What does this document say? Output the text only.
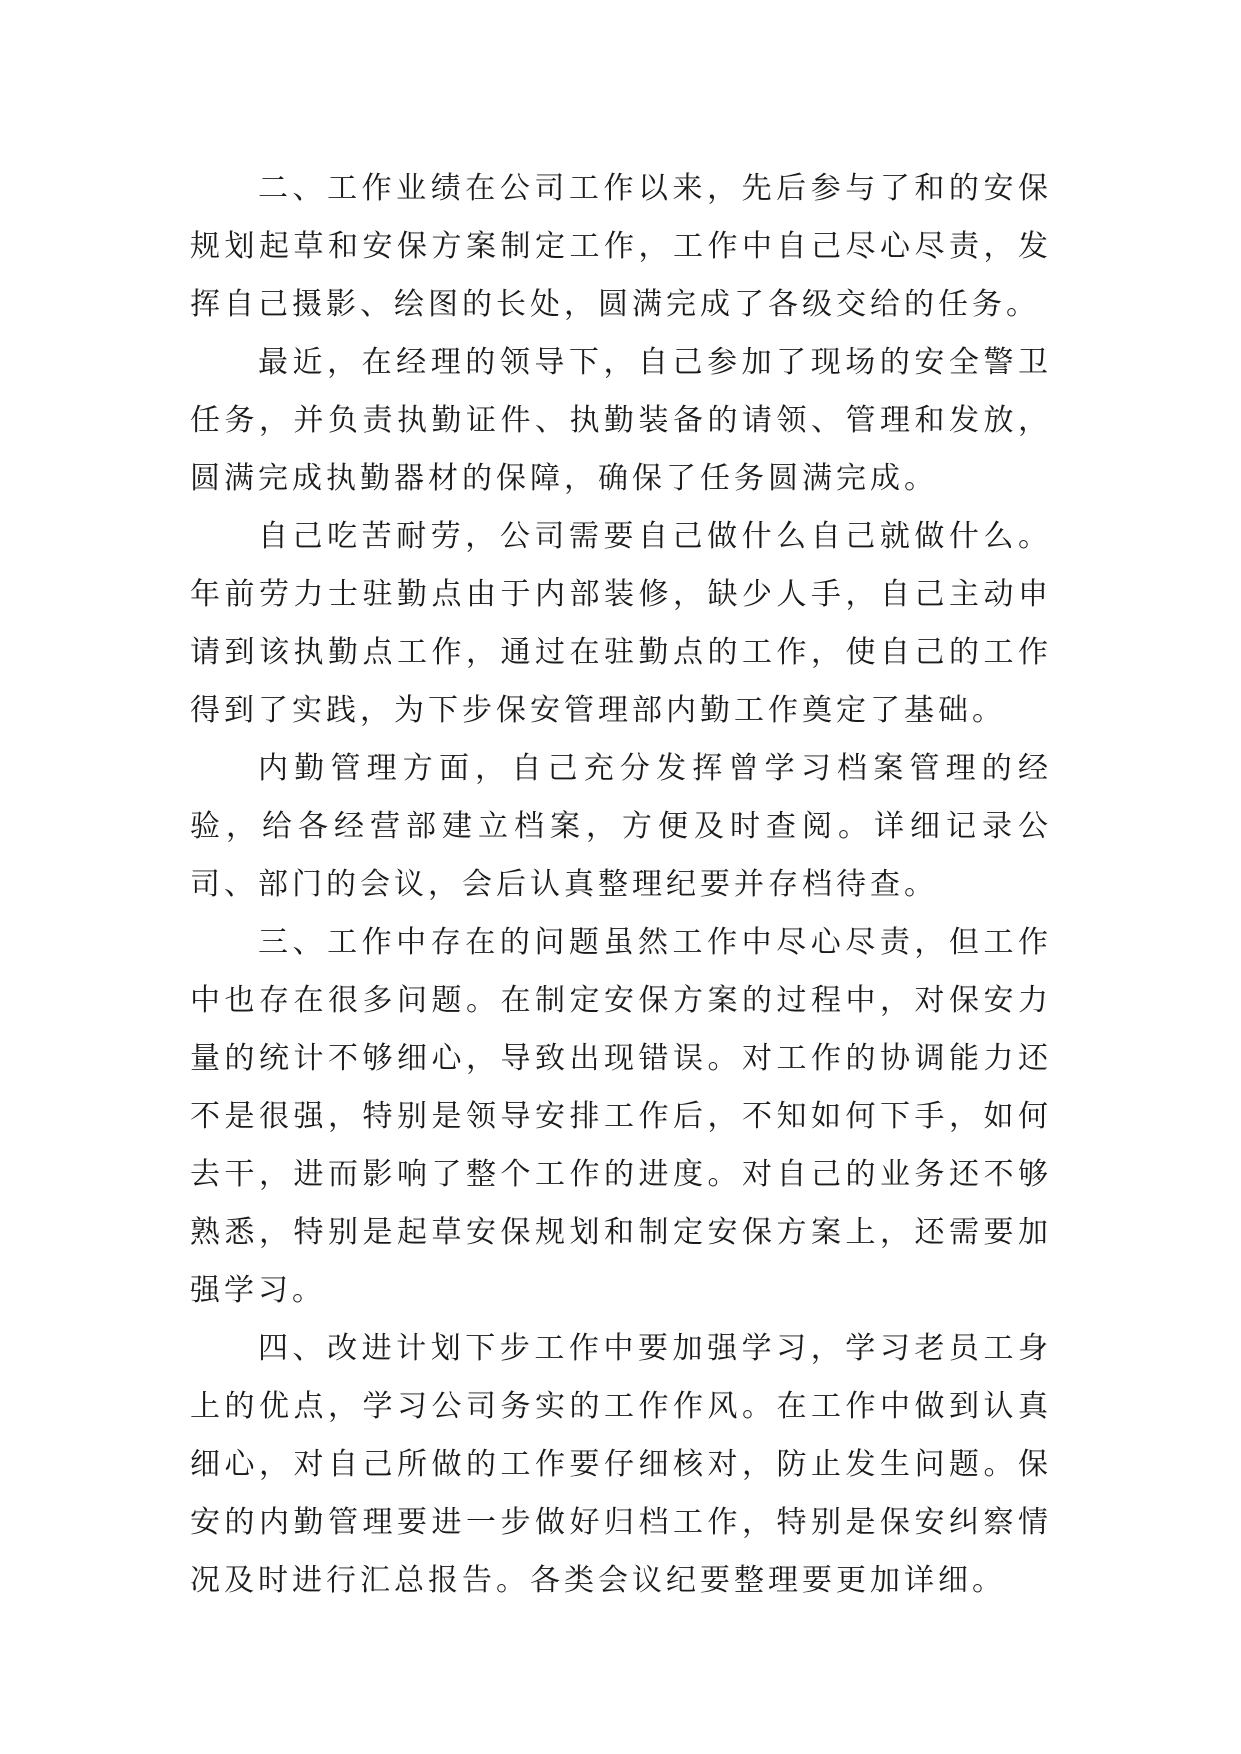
二、工作业绩在公司工作以来，先后参与了和的安保规划起草和安保方案制定工作，工作中自己尽心尽责，发挥自己摄影、绘图的长处，圆满完成了各级交给的任务。

最近，在经理的领导下，自己参加了现场的安全警卫任务，并负责执勤证件、执勤装备的请领、管理和发放，圆满完成执勤器材的保障，确保了任务圆满完成。

自己吃苦耐劳，公司需要自己做什么自己就做什么。年前劳力士驻勤点由于内部装修，缺少人手，自己主动申请到该执勤点工作，通过在驻勤点的工作，使自己的工作得到了实践，为下步保安管理部内勤工作奠定了基础。

内勤管理方面，自己充分发挥曾学习档案管理的经验，给各经营部建立档案，方便及时查阅。详细记录公司、部门的会议，会后认真整理纪要并存档待查。

三、工作中存在的问题虽然工作中尽心尽责，但工作中也存在很多问题。在制定安保方案的过程中，对保安力量的统计不够细心，导致出现错误。对工作的协调能力还不是很强，特别是领导安排工作后，不知如何下手，如何去干，进而影响了整个工作的进度。对自己的业务还不够熟悉，特别是起草安保规划和制定安保方案上，还需要加强学习。

四、改进计划下步工作中要加强学习，学习老员工身上的优点，学习公司务实的工作作风。在工作中做到认真细心，对自己所做的工作要仔细核对，防止发生问题。保安的内勤管理要进一步做好归档工作，特别是保安纠察情况及时进行汇总报告。各类会议纪要整理要更加详细。
